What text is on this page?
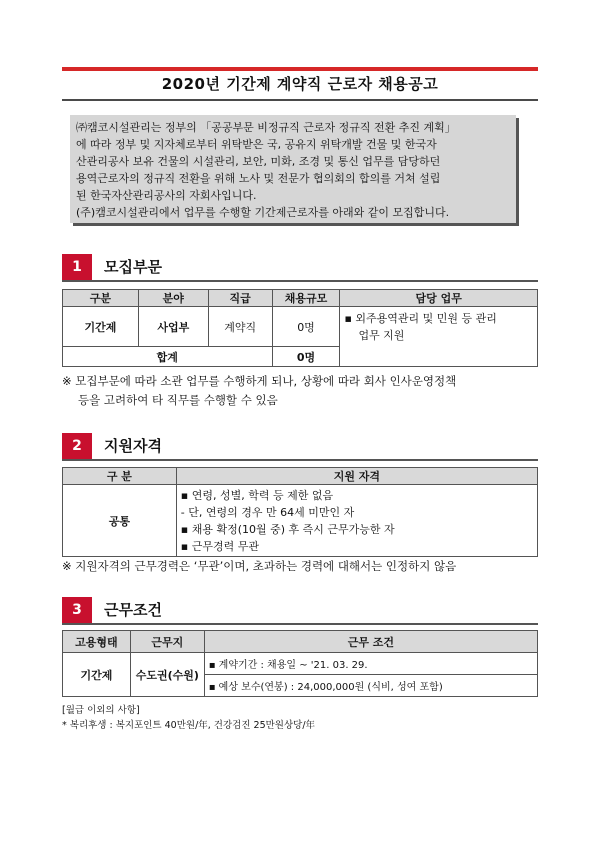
2020년 기간제 계약직 근로자 채용공고

㈜캠코시설관리는 정부의 「공공부문 비정규직 근로자 정규직 전환 추진 계획」

에 따라 정부 및 지자체로부터 위탁받은 국, 공유지 위탁개발 건물 및 한국자

산관리공사 보유 건물의 시설관리, 보안, 미화, 조경 및 통신 업무를 담당하던

용역근로자의 정규직 전환을 위해 노사 및 전문가 협의회의 합의를 거쳐 설립

된 한국자산관리공사의 자회사입니다.

(주)캠코시설관리에서 업무를 수행할 기간제근로자를 아래와 같이 모집합니다.

1	모집부문
구분	분야	직급	채용규모	담당 업무
기간제	사업부	계약직	0명	▪ 외주용역관리 및 민원 등 관리
업무 지원

합계			0명	
※ 모집부문에 따라 소관 업무를 수행하게 되나, 상황에 따라 회사 인사운영정책
등을 고려하여 타 직무를 수행할 수 있음
2	지원자격
구 분	지원 자격
공통	▪ 연령, 성별, 학력 등 제한 없음
- 단, 연령의 경우 만 64세 미만인 자
▪ 채용 확정(10월 중) 후 즉시 근무가능한 자
▪ 근무경력 무관
※ 지원자격의 근무경력은 ‘무관’이며, 초과하는 경력에 대해서는 인정하지 않음
3	근무조건
고용형태	근무지	근무 조건
기간제	수도권(수원)	▪ 계약기간 : 채용일 ~ '21. 03. 29.
		▪ 예상 보수(연봉) : 24,000,000원 (식비, 성여 포함)
[월급 이외의 사항]
* 복리후생 : 복지포인트 40만원/年, 건강검진 25만원상당/年
